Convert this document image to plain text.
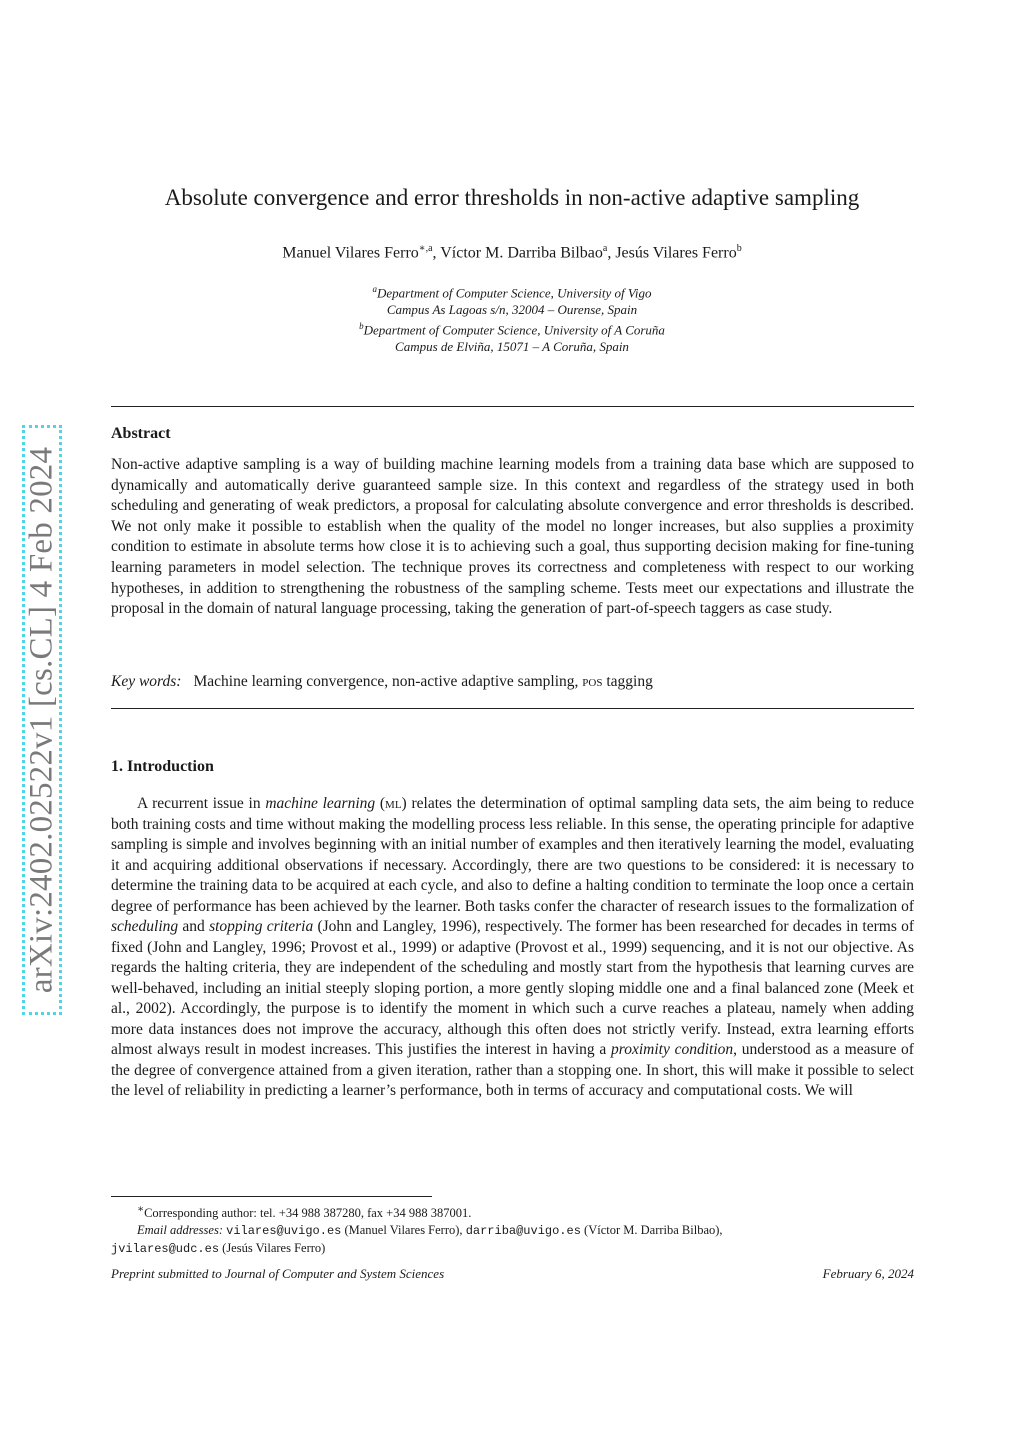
arXiv:2402.02522v1 [cs.CL] 4 Feb 2024
Absolute convergence and error thresholds in non-active adaptive sampling
Manuel Vilares Ferro$^{∗,a}$, Víctor M. Darriba Bilbao$^a$, Jesús Vilares Ferro$^b$
$^a$Department of Computer Science, University of Vigo
Campus As Lagoas s/n, 32004 – Ourense, Spain
$^b$Department of Computer Science, University of A Coruña
Campus de Elviña, 15071 – A Coruña, Spain
Abstract
Non-active adaptive sampling is a way of building machine learning models from a training data base which are supposed to dynamically and automatically derive guaranteed sample size. In this context and regardless of the strategy used in both scheduling and generating of weak predictors, a proposal for calculating absolute convergence and error thresholds is described. We not only make it possible to establish when the quality of the model no longer increases, but also supplies a proximity condition to estimate in absolute terms how close it is to achieving such a goal, thus supporting decision making for fine-tuning learning parameters in model selection. The technique proves its correctness and completeness with respect to our working hypotheses, in addition to strengthening the robustness of the sampling scheme. Tests meet our expectations and illustrate the proposal in the domain of natural language processing, taking the generation of part-of-speech taggers as case study.
Key words: Machine learning convergence, non-active adaptive sampling, pos tagging
1. Introduction
A recurrent issue in machine learning (ml) relates the determination of optimal sampling data sets, the aim being to reduce both training costs and time without making the modelling process less reliable. In this sense, the operating principle for adaptive sampling is simple and involves beginning with an initial number of examples and then iteratively learning the model, evaluating it and acquiring additional observations if necessary. Accordingly, there are two questions to be considered: it is necessary to determine the training data to be acquired at each cycle, and also to define a halting condition to terminate the loop once a certain degree of performance has been achieved by the learner. Both tasks confer the character of research issues to the formalization of scheduling and stopping criteria (John and Langley, 1996), respectively. The former has been researched for decades in terms of fixed (John and Langley, 1996; Provost et al., 1999) or adaptive (Provost et al., 1999) sequencing, and it is not our objective. As regards the halting criteria, they are independent of the scheduling and mostly start from the hypothesis that learning curves are well-behaved, including an initial steeply sloping portion, a more gently sloping middle one and a final balanced zone (Meek et al., 2002). Accordingly, the purpose is to identify the moment in which such a curve reaches a plateau, namely when adding more data instances does not improve the accuracy, although this often does not strictly verify. Instead, extra learning efforts almost always result in modest increases. This justifies the interest in having a proximity condition, understood as a measure of the degree of convergence attained from a given iteration, rather than a stopping one. In short, this will make it possible to select the level of reliability in predicting a learner’s performance, both in terms of accuracy and computational costs. We will
∗Corresponding author: tel. +34 988 387280, fax +34 988 387001.
Email addresses: vilares@uvigo.es (Manuel Vilares Ferro), darriba@uvigo.es (Víctor M. Darriba Bilbao),
jvilares@udc.es (Jesús Vilares Ferro)
Preprint submitted to Journal of Computer and System Sciences	February 6, 2024
